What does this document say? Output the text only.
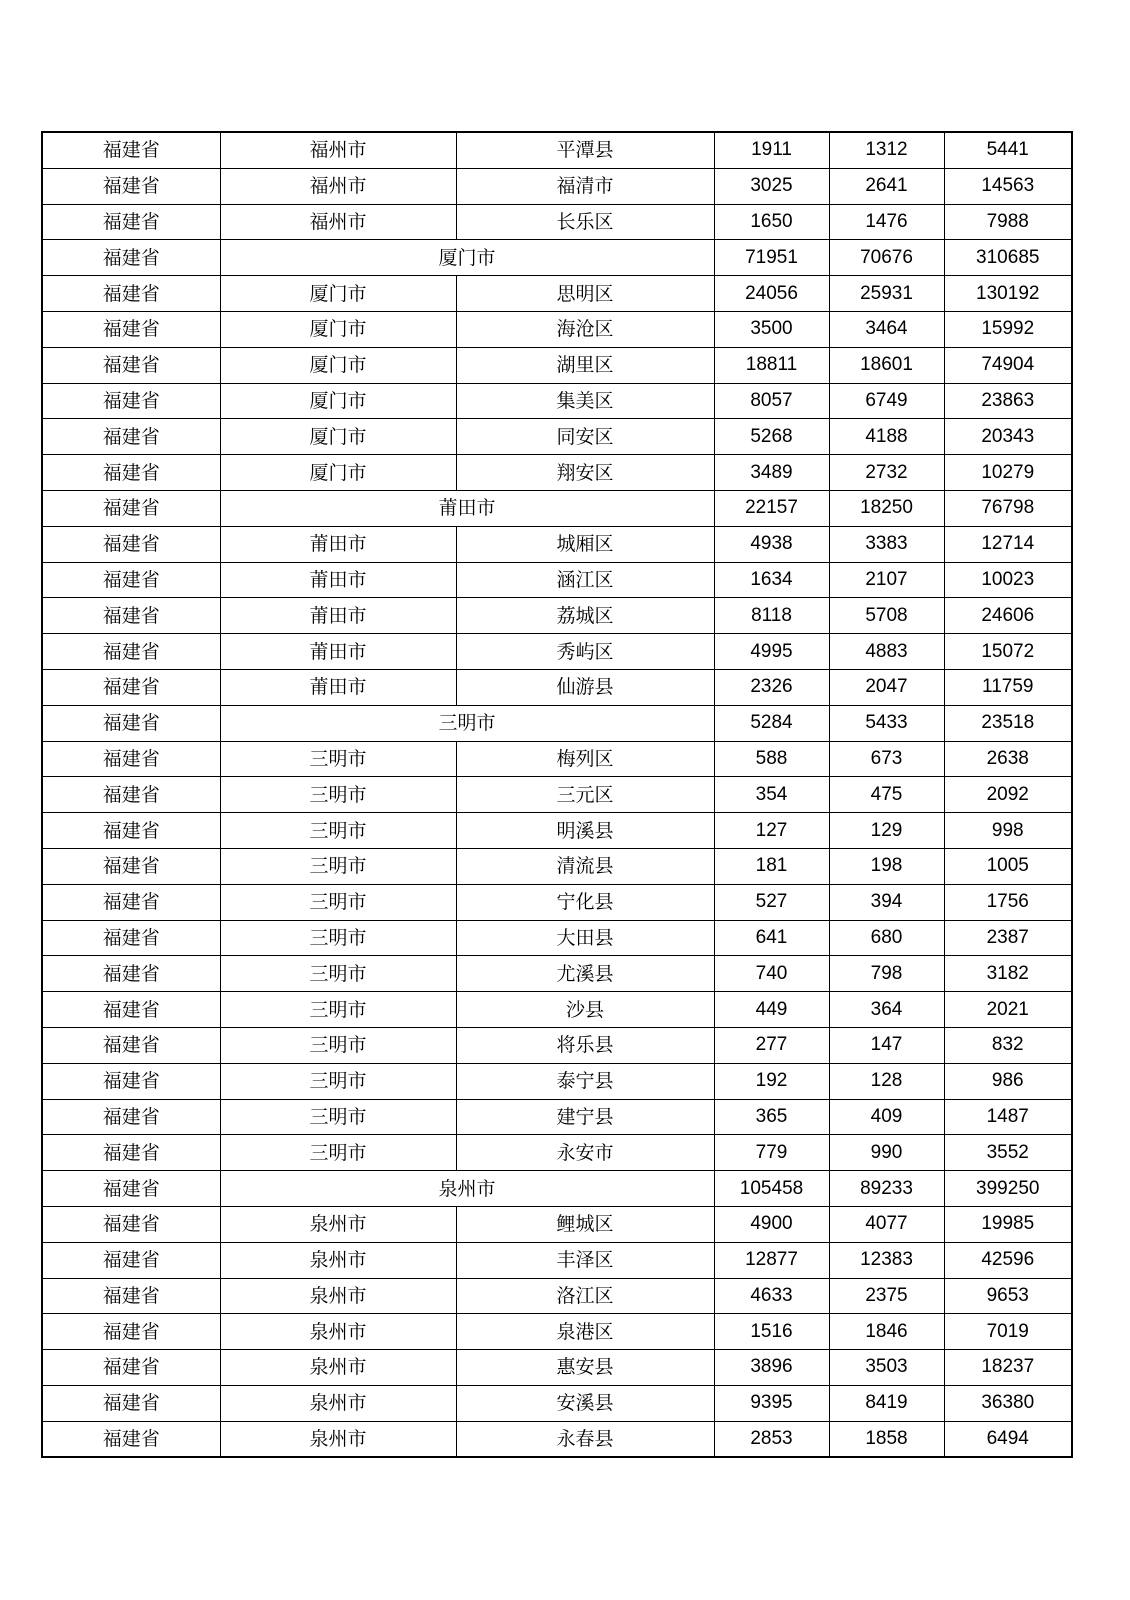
福建省	福州市	平潭县	1911	1312	5441
福建省	福州市	福清市	3025	2641	14563
福建省	福州市	长乐区	1650	1476	7988
福建省	厦门市		71951	70676	310685
福建省	厦门市	思明区	24056	25931	130192
福建省	厦门市	海沧区	3500	3464	15992
福建省	厦门市	湖里区	18811	18601	74904
福建省	厦门市	集美区	8057	6749	23863
福建省	厦门市	同安区	5268	4188	20343
福建省	厦门市	翔安区	3489	2732	10279
福建省	莆田市		22157	18250	76798
福建省	莆田市	城厢区	4938	3383	12714
福建省	莆田市	涵江区	1634	2107	10023
福建省	莆田市	荔城区	8118	5708	24606
福建省	莆田市	秀屿区	4995	4883	15072
福建省	莆田市	仙游县	2326	2047	11759
福建省	三明市		5284	5433	23518
福建省	三明市	梅列区	588	673	2638
福建省	三明市	三元区	354	475	2092
福建省	三明市	明溪县	127	129	998
福建省	三明市	清流县	181	198	1005
福建省	三明市	宁化县	527	394	1756
福建省	三明市	大田县	641	680	2387
福建省	三明市	尤溪县	740	798	3182
福建省	三明市	沙县	449	364	2021
福建省	三明市	将乐县	277	147	832
福建省	三明市	泰宁县	192	128	986
福建省	三明市	建宁县	365	409	1487
福建省	三明市	永安市	779	990	3552
福建省	泉州市		105458	89233	399250
福建省	泉州市	鲤城区	4900	4077	19985
福建省	泉州市	丰泽区	12877	12383	42596
福建省	泉州市	洛江区	4633	2375	9653
福建省	泉州市	泉港区	1516	1846	7019
福建省	泉州市	惠安县	3896	3503	18237
福建省	泉州市	安溪县	9395	8419	36380
福建省	泉州市	永春县	2853	1858	6494
